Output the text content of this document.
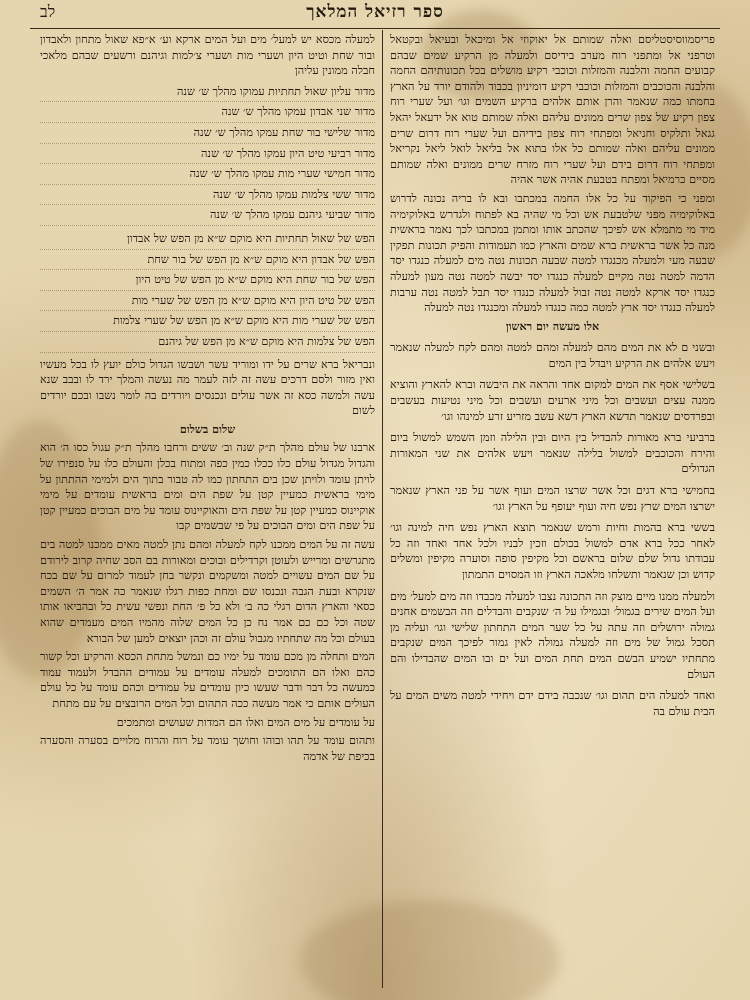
ספר רזיאל המלאך
לב

פריסמווסיסטליסם ואלה שמותם אל יאוקוזי אל ומיכאל ובעיאל ובקטאל וטרפני אל ומתפני רוח מערב בידיסם ולמעלה מן הרקיע שמים שבהם קבועים החמה והלבנה והמזלות וכוכבי רקיע מושלים בכל תכונותיהם החמה והלבנה והכוכבים והמזלות וכוכבי רקיע דומיניון בכבוד ולהודם יורד על הארץ בחמתו כמה שנאמר והרן אותם אלהים ברקיע השמים וגו׳ ועל שערי רוח צפון רקיע של צפון שרים ממונים עליהם ואלה שמותם טוא אל ידעאל יהאל גגאל ותלקיס וחניאל ומפתחי רוח צפון בידיהם ועל שערי רוח דרום שרים ממונים עליהם ואלה שמותם כל אלו בתוא אל בליאל לואל ליאל נקריאל ומפתחי רוח דרום בידם ועל שערי רוח מזרח שרים ממונים ואלה שמותם מסיים כרמיאל ומפתח בטבעת אהיה אשר אהיה

ומפני כי הפיקוד על כל אלו החמה במכתבו ובא לו בריה נכונה לדרוש באלוקימיה מפני שלטבעת אש וכל מי שהיה בא לפתוח ולגדרש באלוקימיה מיד מי מתמלא אש לפיכך שהכתב אותו ומתמן במכתבו לכך נאמר בראשית מנה כל אשר בראשית ברא שמים והארץ כמו תעמודות והפיק תכונות תפקין שבעה מעי ולמעלה מכנגדו למטה שבעה תכונות נטה מים למעלה כנגדו יסד הדמה למטה נטה מקיים למעלה כנגדו יסד יבשה למטה נטה מעון למעלה כנגדו יסד ארקא למטה נטה זבול למעלה כנגדו יסד תבל למטה נטה ערבות למעלה כנגדו יסד ארץ למטה כמה כנגדו למעלה ומכנגדו נטה למעלה

אלו מעשה יום ראשון

ובשני ם לא את המים מהם למעלה ומהם למטה ומהם לקח למעלה שנאמר ויעש אלהים את הרקיע ויבדל בין המים

בשלישי אסף את המים למקום אחד והראה את היבשה וברא להארץ והוציא ממנה עצים ועשבים וכל מיני ארעים ועשבים וכל מיני נטיעות בעשבים ובפרדסים שנאמר תדשא הארץ דשא עשב מזריע זרע למינהו וגו׳

ברביעי ברא מאורות להבדיל בין היום ובין הלילה וזמן השמש למשול ביום והירח והכוכבים למשול בלילה שנאמר ויעש אלהים את שני המאורות הגדולים

בחמישי ברא דגים וכל אשר שרצו המים ועוף אשר על פני הארץ שנאמר ישרצו המים שרץ נפש חיה ועוף יעופף על הארץ וגו׳

בששי ברא בהמות וחיות ורמש שנאמר תוצא הארץ נפש חיה למינה וגו׳ לאחר ככל ברא אדם למשול בכולם וזכין לבניו ולכל אחד ואחד וזה כל עבודתו גדול שלם שלום בראשם וכל מקיפין סופה וסוערה מקיפין ומשלים קדוש וכן שנאמר ותשלחו מלאכה הארץ וזו המסוים התמתון

ולמעלה ממנו מיים מוצק וזה התכונה נצבו למעלה מכבדו וזה מים למעל׳ מים ועל המים שירים בגמול׳ ובגמילו על ה׳ שנקבים והבדלים וזה הבשמים אחנים גמולה ירושלים וזה עתה על כל שער המים התחתון שלישי וגו׳ ועליה מן תסכל גמול של מים וזה למעלה גמולה לאין גמור לפיכך המים שנקבים מתחתיו ישמיע הבשם המים תחת המים ועל ים ובו המים שהבדילו והם העולם

ואחד למעלה הים תהום וגו׳ שנכבה בידם ידם ויחידי למטה משים המים על הבית עולם בה

למעלה מכסא יש למעל׳ מים ועל המים ארקא וע׳ א״פא שאול מתחון ולאבדון ובור שחת וטיט היון ושערי מות ושערי צ׳למות וגיהנם ורשעים שבהם מלאכי חבלה ממונין עליהן

מדור עליון שאול תחתיות עמוקו מהלך ש׳ שנה
מדור שני אבדון עמקו מהלך ש׳ שנה
מדור שלישי בור שחת עמקו מהלך ש׳ שנה
מדור רביעי טיט היון עמקו מהלך ש׳ שנה
מדור חמישי שערי מות עמקו מהלך ש׳ שנה
מדור ששי צלמות עמקו מהלך ש׳ שנה
מדור שביעי גיהנם עמקו מהלך ש׳ שנה
הפש של שאול תחתיות היא מוקם ש״א מן הפש של אבדון
הפש של אבדון היא מוקם ש״א מן הפש של בור שחת
הפש של בור שחת היא מוקם ש״א מן הפש של טיט היון
הפש של טיט היון היא מוקם ש״א מן הפש של שערי מות
הפש של שערי מות היא מוקם ש״א מן הפש של שערי צלמות
הפש של צלמות היא מוקם ש״א מן הפש של גיהנם

ונבריאל ברא שרים על ידו ומוריד עשר ושבשו הגדול כולם יועץ לו בכל מעשיו ואין מזור ולסם דרכים עשה זה לזה לעמר מה נעשה והמלך ירד לו ובבב שנא עשה ולמשה כסא זה אשר עולים ונכנסים ויורדים בה לומר נשבו ובכם יורדים לשום

שלום בשלום

ארבנו של עולם מהלך ת״ק שנה וב׳ ששים ורחבו מהלך ת״ק עגול כסו ה׳ הוא והגדול מגדול עולם כלו ככלו כמין כפה ומתוח בכלן והעולם כלו על סנפירו של לויתן עומד ולויתן שכן בים התחתון כמו לה טבור בתוך הים ולמימי ההתתון על מימי בראשית כמעיין קטן על שפת הים ומים בראשית עומדים על מימי אוקיינוס כמעיין קטן על שפת הים והאוקיינוס עומד על מים הבוכים כמעיין קטן על שפת הים ומים הבוכים על פי שבשמים קבו

עשה זה על המים ממכנו לקח למעלה ומהם נתן למטה מאים ממכנו למטה בים מתגרשים ומרייש ולעוטן וקרדילים ובוכים ומאורות בם הסב שחיה קרוב לירודם על שם המים עשויים למטה ומשקמים ונקשר בחן לעמוד למרום על שם בכח שנקרא ובעת הגבה ונכנסו שם ומחת כפות רגלו שנאמר כה אמר ה׳ השמים כסאי והארץ הדום רגלי כה ב׳ ולא כל פ׳ החת ונפשי עשית כל ובהביאו אותו שטה וכל כם כם אמר נח כן כל המים שלוה מהמיו המים מעמדים שהוא בעולם וכל מה שתחתיו מגבול עולם זה וכהן יוצאים למען של הבורא

המים ותחלה מן מכם עומד על ימיו כם ונמשל מתחת הכסא והרקיע וכל קשור כהם ואלו הם התומכים למעלה עומדים על עמודים ההבדל ולעמוד עמוד כמעשה כל דבר ודבר שעשו כיון עומדים על עמודים וכהם עומד על כל עולם העולים אותם כי אמר מעשה ככה התהום וכל המים הרובצים על עם מתחת

על עומדים על מים המים ואלו הם המדות שעושים ומתמכים

ותהום עומד על תהו ובוהו וחושך עומד על רוח והרוח מלויים בסערה והסערה בכיפת של אדמה
